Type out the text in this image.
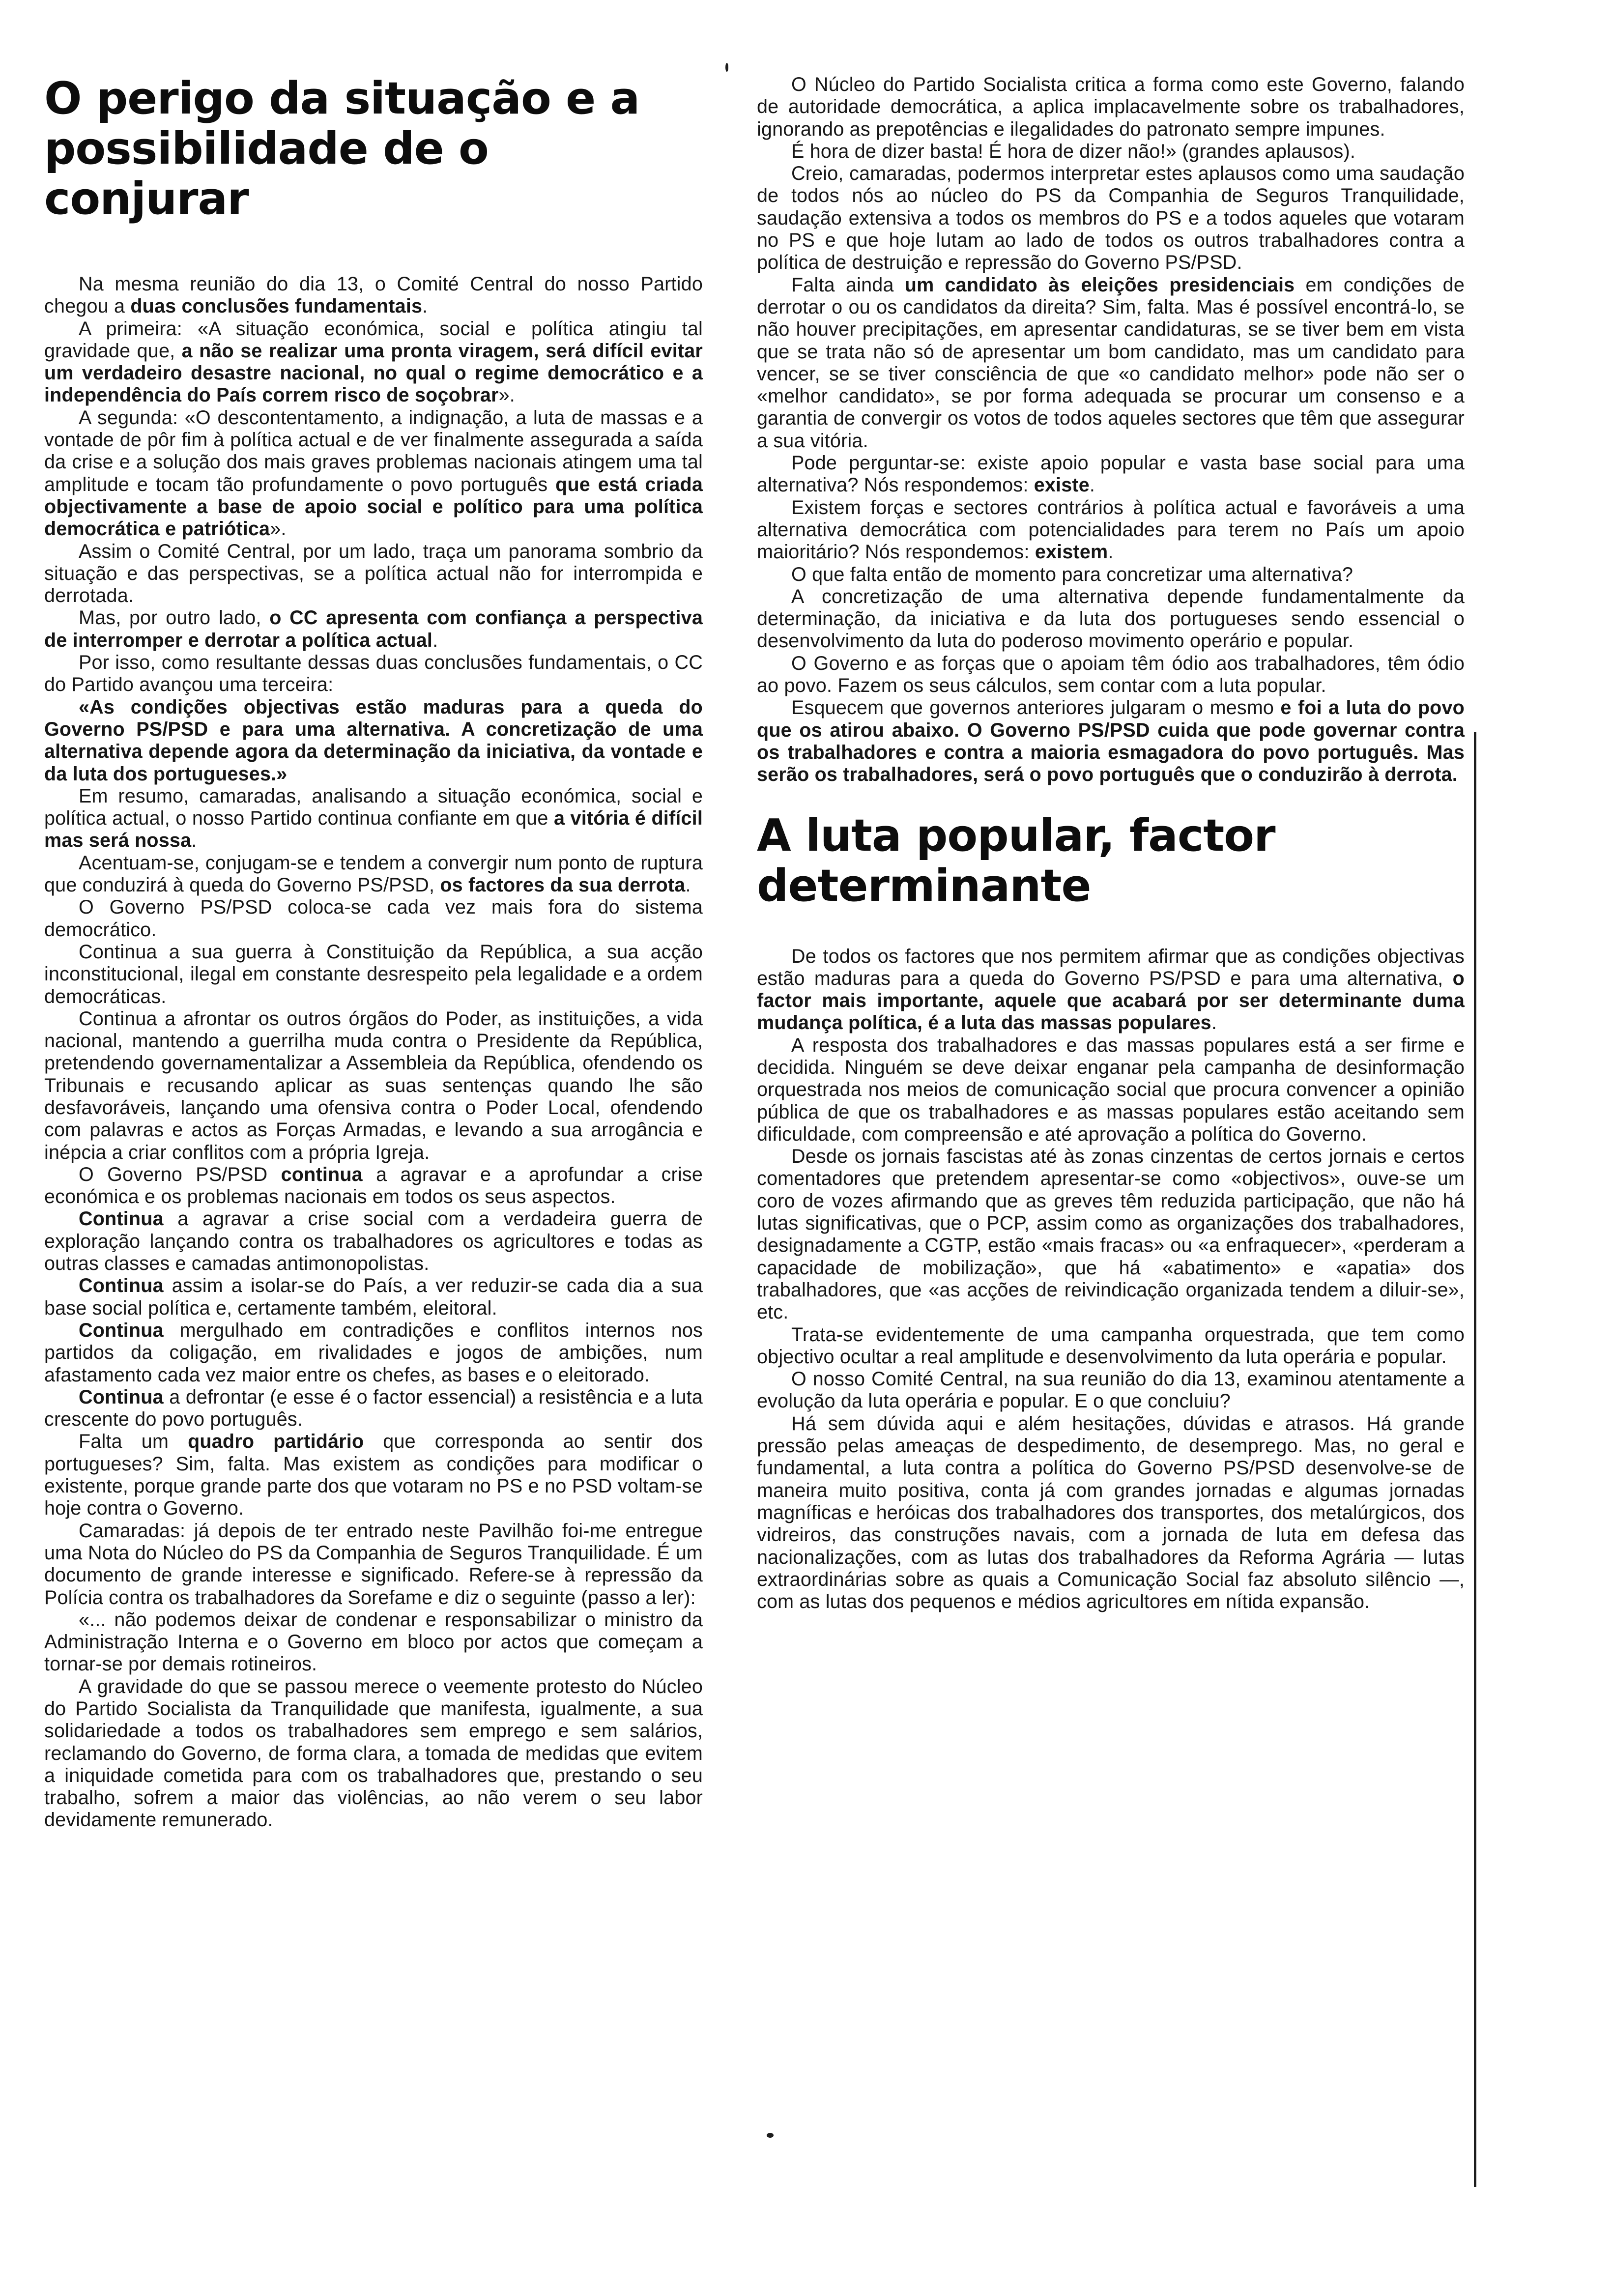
O perigo da situação e a possibilidade de o conjurar

Na mesma reunião do dia 13, o Comité Central do nosso Partido chegou a duas conclusões fundamentais.

A primeira: «A situação económica, social e política atingiu tal gravidade que, a não se realizar uma pronta viragem, será difícil evitar um verdadeiro desastre nacional, no qual o regime democrático e a independência do País correm risco de soçobrar».

A segunda: «O descontentamento, a indignação, a luta de massas e a vontade de pôr fim à política actual e de ver finalmente assegurada a saída da crise e a solução dos mais graves problemas nacionais atingem uma tal amplitude e tocam tão profundamente o povo português que está criada objectivamente a base de apoio social e político para uma política democrática e patriótica».

Assim o Comité Central, por um lado, traça um panorama sombrio da situação e das perspectivas, se a política actual não for interrompida e derrotada.

Mas, por outro lado, o CC apresenta com confiança a perspectiva de interromper e derrotar a política actual.

Por isso, como resultante dessas duas conclusões fundamentais, o CC do Partido avançou uma terceira:

«As condições objectivas estão maduras para a queda do Governo PS/PSD e para uma alternativa. A concretização de uma alternativa depende agora da determinação da iniciativa, da vontade e da luta dos portugueses.»

Em resumo, camaradas, analisando a situação económica, social e política actual, o nosso Partido continua confiante em que a vitória é difícil mas será nossa.

Acentuam-se, conjugam-se e tendem a convergir num ponto de ruptura que conduzirá à queda do Governo PS/PSD, os factores da sua derrota.

O Governo PS/PSD coloca-se cada vez mais fora do sistema democrático.

Continua a sua guerra à Constituição da República, a sua acção inconstitucional, ilegal em constante desrespeito pela legalidade e a ordem democráticas.

Continua a afrontar os outros órgãos do Poder, as instituições, a vida nacional, mantendo a guerrilha muda contra o Presidente da República, pretendendo governamentalizar a Assembleia da República, ofendendo os Tribunais e recusando aplicar as suas sentenças quando lhe são desfavoráveis, lançando uma ofensiva contra o Poder Local, ofendendo com palavras e actos as Forças Armadas, e levando a sua arrogância e inépcia a criar conflitos com a própria Igreja.

O Governo PS/PSD continua a agravar e a aprofundar a crise económica e os problemas nacionais em todos os seus aspectos.

Continua a agravar a crise social com a verdadeira guerra de exploração lançando contra os trabalhadores os agricultores e todas as outras classes e camadas antimonopolistas.

Continua assim a isolar-se do País, a ver reduzir-se cada dia a sua base social política e, certamente também, eleitoral.

Continua mergulhado em contradições e conflitos internos nos partidos da coligação, em rivalidades e jogos de ambições, num afastamento cada vez maior entre os chefes, as bases e o eleitorado.

Continua a defrontar (e esse é o factor essencial) a resistência e a luta crescente do povo português.

Falta um quadro partidário que corresponda ao sentir dos portugueses? Sim, falta. Mas existem as condições para modificar o existente, porque grande parte dos que votaram no PS e no PSD voltam-se hoje contra o Governo.

Camaradas: já depois de ter entrado neste Pavilhão foi-me entregue uma Nota do Núcleo do PS da Companhia de Seguros Tranquilidade. É um documento de grande interesse e significado. Refere-se à repressão da Polícia contra os trabalhadores da Sorefame e diz o seguinte (passo a ler):

«... não podemos deixar de condenar e responsabilizar o ministro da Administração Interna e o Governo em bloco por actos que começam a tornar-se por demais rotineiros.

A gravidade do que se passou merece o veemente protesto do Núcleo do Partido Socialista da Tranquilidade que manifesta, igualmente, a sua solidariedade a todos os trabalhadores sem emprego e sem salários, reclamando do Governo, de forma clara, a tomada de medidas que evitem a iniquidade cometida para com os trabalhadores que, prestando o seu trabalho, sofrem a maior das violências, ao não verem o seu labor devidamente remunerado.

O Núcleo do Partido Socialista critica a forma como este Governo, falando de autoridade democrática, a aplica implacavelmente sobre os trabalhadores, ignorando as prepotências e ilegalidades do patronato sempre impunes.

É hora de dizer basta! É hora de dizer não!» (grandes aplausos).

Creio, camaradas, podermos interpretar estes aplausos como uma saudação de todos nós ao núcleo do PS da Companhia de Seguros Tranquilidade, saudação extensiva a todos os membros do PS e a todos aqueles que votaram no PS e que hoje lutam ao lado de todos os outros trabalhadores contra a política de destruição e repressão do Governo PS/PSD.

Falta ainda um candidato às eleições presidenciais em condições de derrotar o ou os candidatos da direita? Sim, falta. Mas é possível encontrá-lo, se não houver precipitações, em apresentar candidaturas, se se tiver bem em vista que se trata não só de apresentar um bom candidato, mas um candidato para vencer, se se tiver consciência de que «o candidato melhor» pode não ser o «melhor candidato», se por forma adequada se procurar um consenso e a garantia de convergir os votos de todos aqueles sectores que têm que assegurar a sua vitória.

Pode perguntar-se: existe apoio popular e vasta base social para uma alternativa? Nós respondemos: existe.

Existem forças e sectores contrários à política actual e favoráveis a uma alternativa democrática com potencialidades para terem no País um apoio maioritário? Nós respondemos: existem.

O que falta então de momento para concretizar uma alternativa?

A concretização de uma alternativa depende fundamentalmente da determinação, da iniciativa e da luta dos portugueses sendo essencial o desenvolvimento da luta do poderoso movimento operário e popular.

O Governo e as forças que o apoiam têm ódio aos trabalhadores, têm ódio ao povo. Fazem os seus cálculos, sem contar com a luta popular.

Esquecem que governos anteriores julgaram o mesmo e foi a luta do povo que os atirou abaixo. O Governo PS/PSD cuida que pode governar contra os trabalhadores e contra a maioria esmagadora do povo português. Mas serão os trabalhadores, será o povo português que o conduzirão à derrota.

A luta popular, factor determinante

De todos os factores que nos permitem afirmar que as condições objectivas estão maduras para a queda do Governo PS/PSD e para uma alternativa, o factor mais importante, aquele que acabará por ser determinante duma mudança política, é a luta das massas populares.

A resposta dos trabalhadores e das massas populares está a ser firme e decidida. Ninguém se deve deixar enganar pela campanha de desinformação orquestrada nos meios de comunicação social que procura convencer a opinião pública de que os trabalhadores e as massas populares estão aceitando sem dificuldade, com compreensão e até aprovação a política do Governo.

Desde os jornais fascistas até às zonas cinzentas de certos jornais e certos comentadores que pretendem apresentar-se como «objectivos», ouve-se um coro de vozes afirmando que as greves têm reduzida participação, que não há lutas significativas, que o PCP, assim como as organizações dos trabalhadores, designadamente a CGTP, estão «mais fracas» ou «a enfraquecer», «perderam a capacidade de mobilização», que há «abatimento» e «apatia» dos trabalhadores, que «as acções de reivindicação organizada tendem a diluir-se», etc.

Trata-se evidentemente de uma campanha orquestrada, que tem como objectivo ocultar a real amplitude e desenvolvimento da luta operária e popular.

O nosso Comité Central, na sua reunião do dia 13, examinou atentamente a evolução da luta operária e popular. E o que concluiu?

Há sem dúvida aqui e além hesitações, dúvidas e atrasos. Há grande pressão pelas ameaças de despedimento, de desemprego. Mas, no geral e fundamental, a luta contra a política do Governo PS/PSD desenvolve-se de maneira muito positiva, conta já com grandes jornadas e algumas jornadas magníficas e heróicas dos trabalhadores dos transportes, dos metalúrgicos, dos vidreiros, das construções navais, com a jornada de luta em defesa das nacionalizações, com as lutas dos trabalhadores da Reforma Agrária — lutas extraordinárias sobre as quais a Comunicação Social faz absoluto silêncio —, com as lutas dos pequenos e médios agricultores em nítida expansão.
